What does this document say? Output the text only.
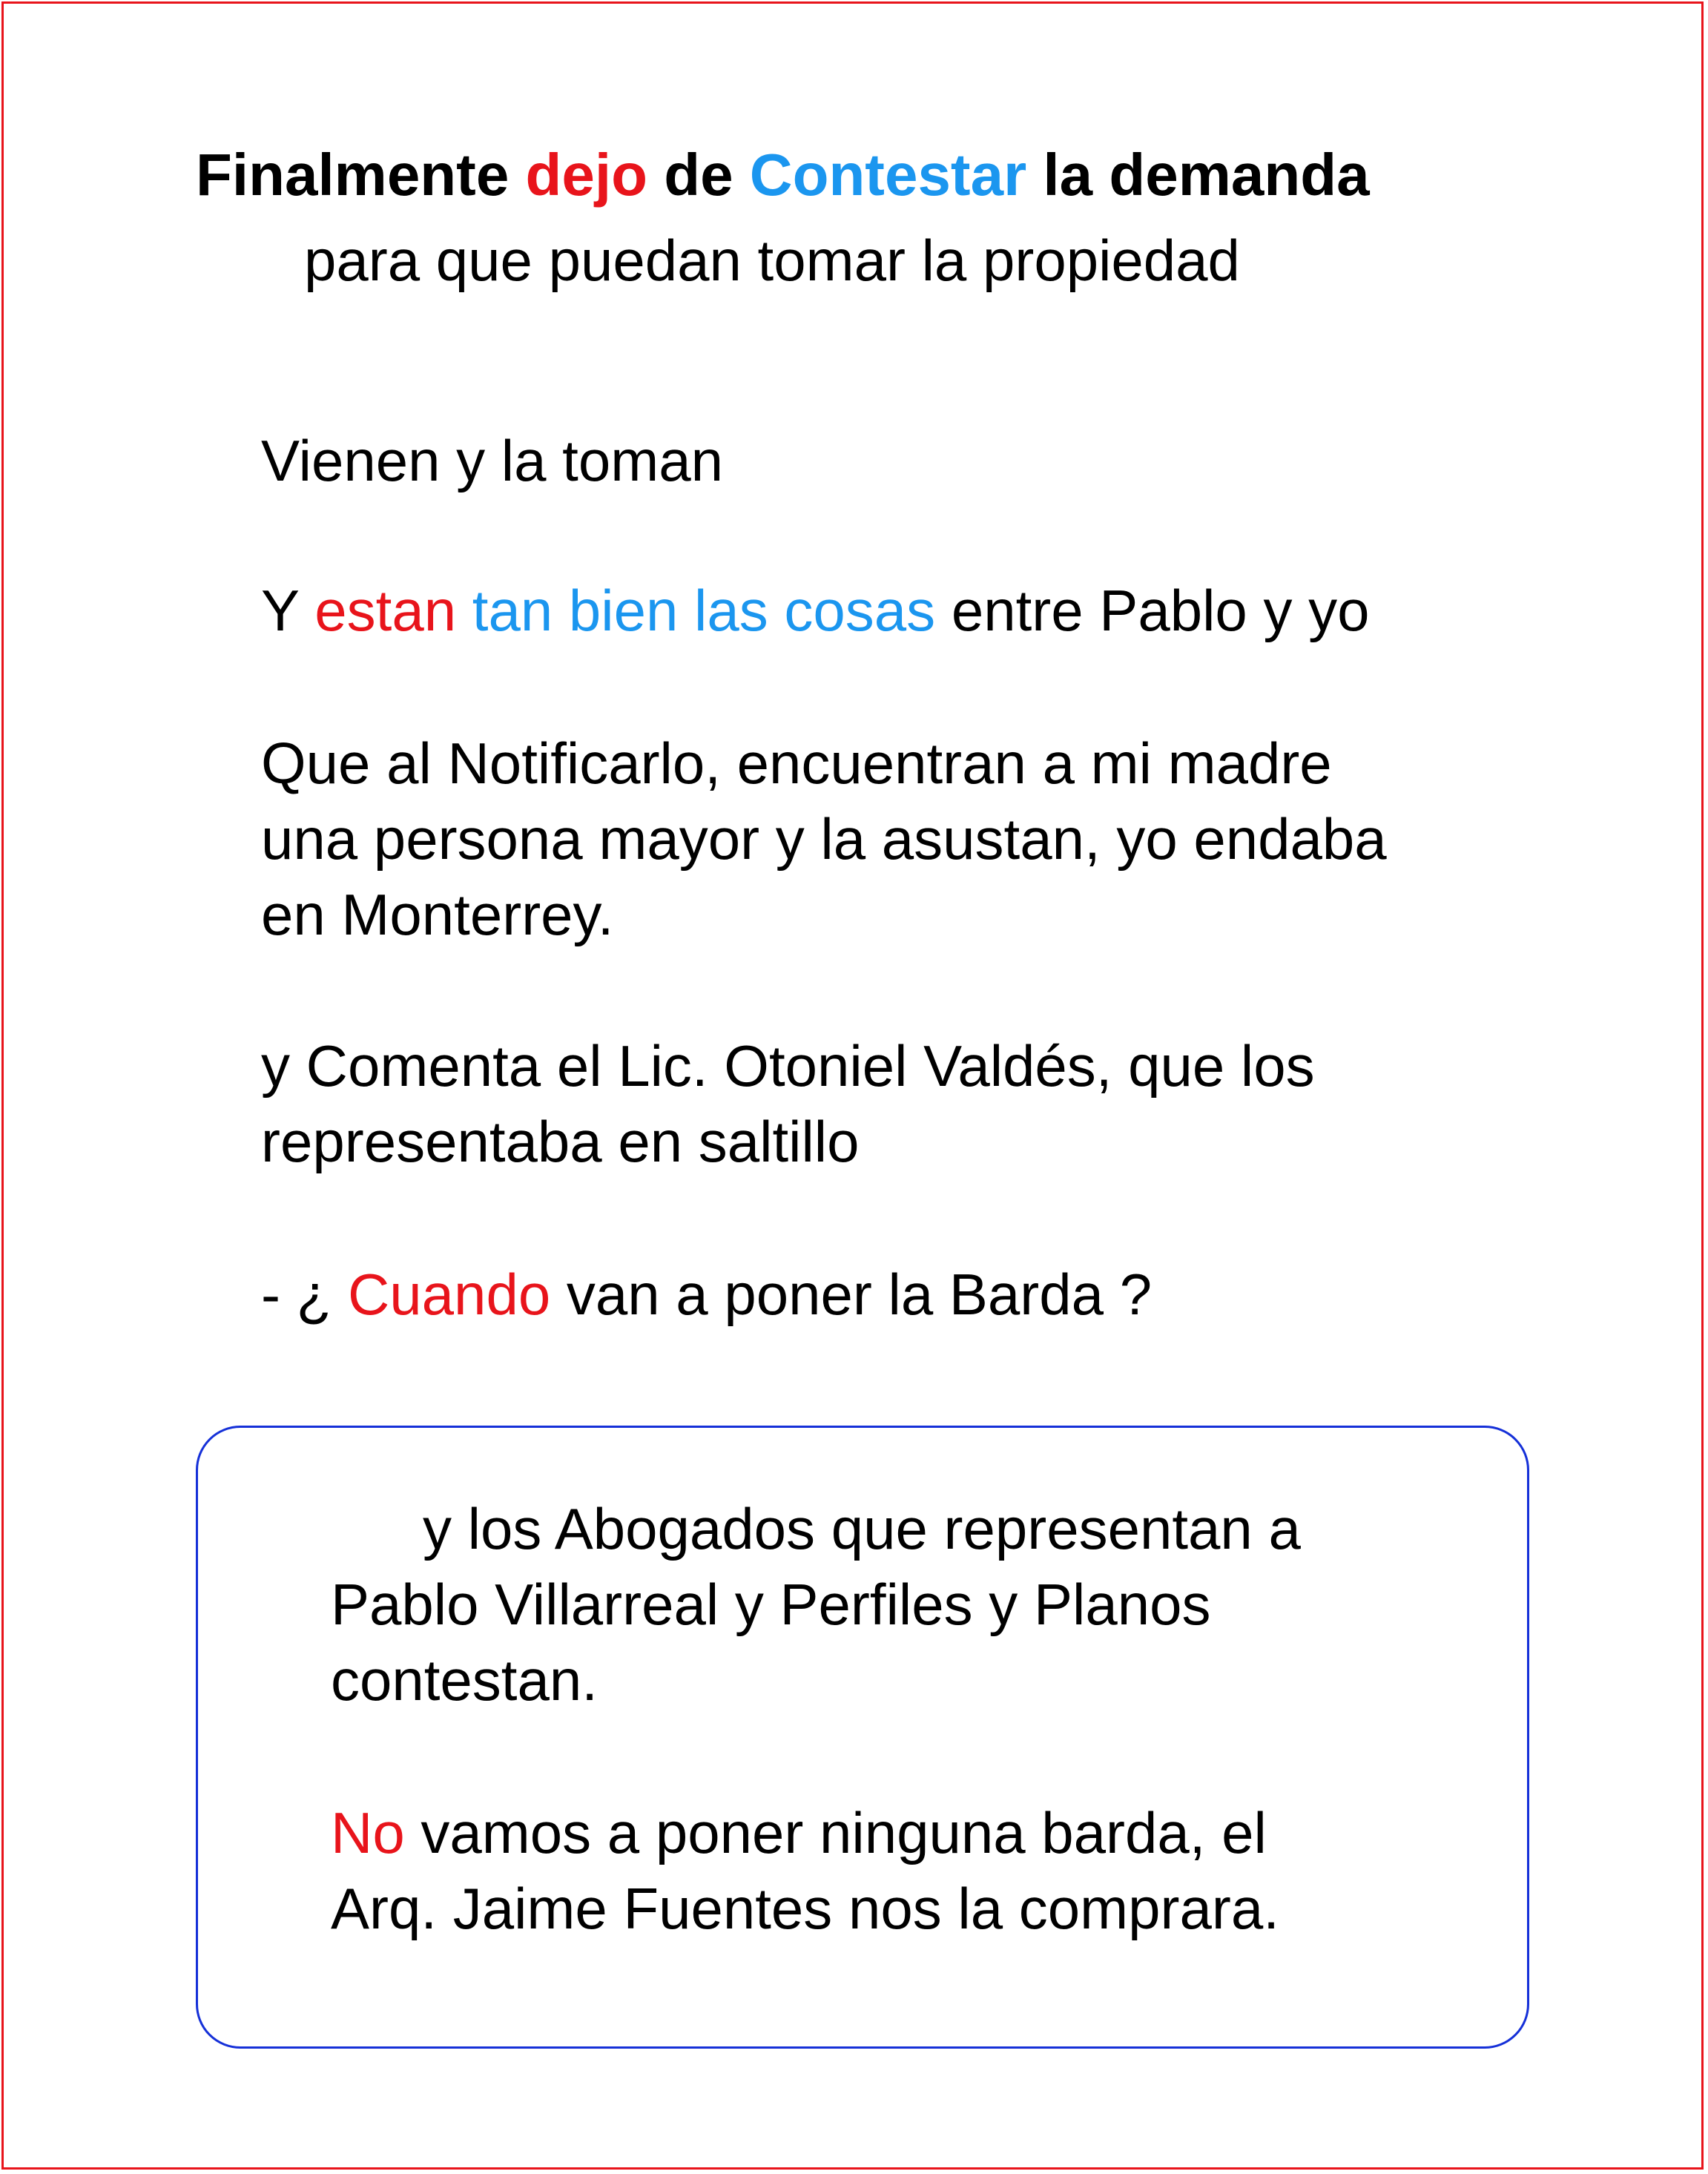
Finalmente dejo de Contestar la demanda
para que puedan tomar la propiedad
Vienen y la toman
Y estan tan bien las cosas entre Pablo y yo
Que al Notificarlo, encuentran a mi madre
una persona mayor y la asustan, yo endaba
en Monterrey.
y Comenta el Lic. Otoniel Valdés, que los
representaba en saltillo
- ¿ Cuando van a poner la Barda ?
y los Abogados que representan a
Pablo Villarreal y Perfiles y Planos
contestan.
No vamos a poner ninguna barda, el
Arq. Jaime Fuentes nos la comprara.
